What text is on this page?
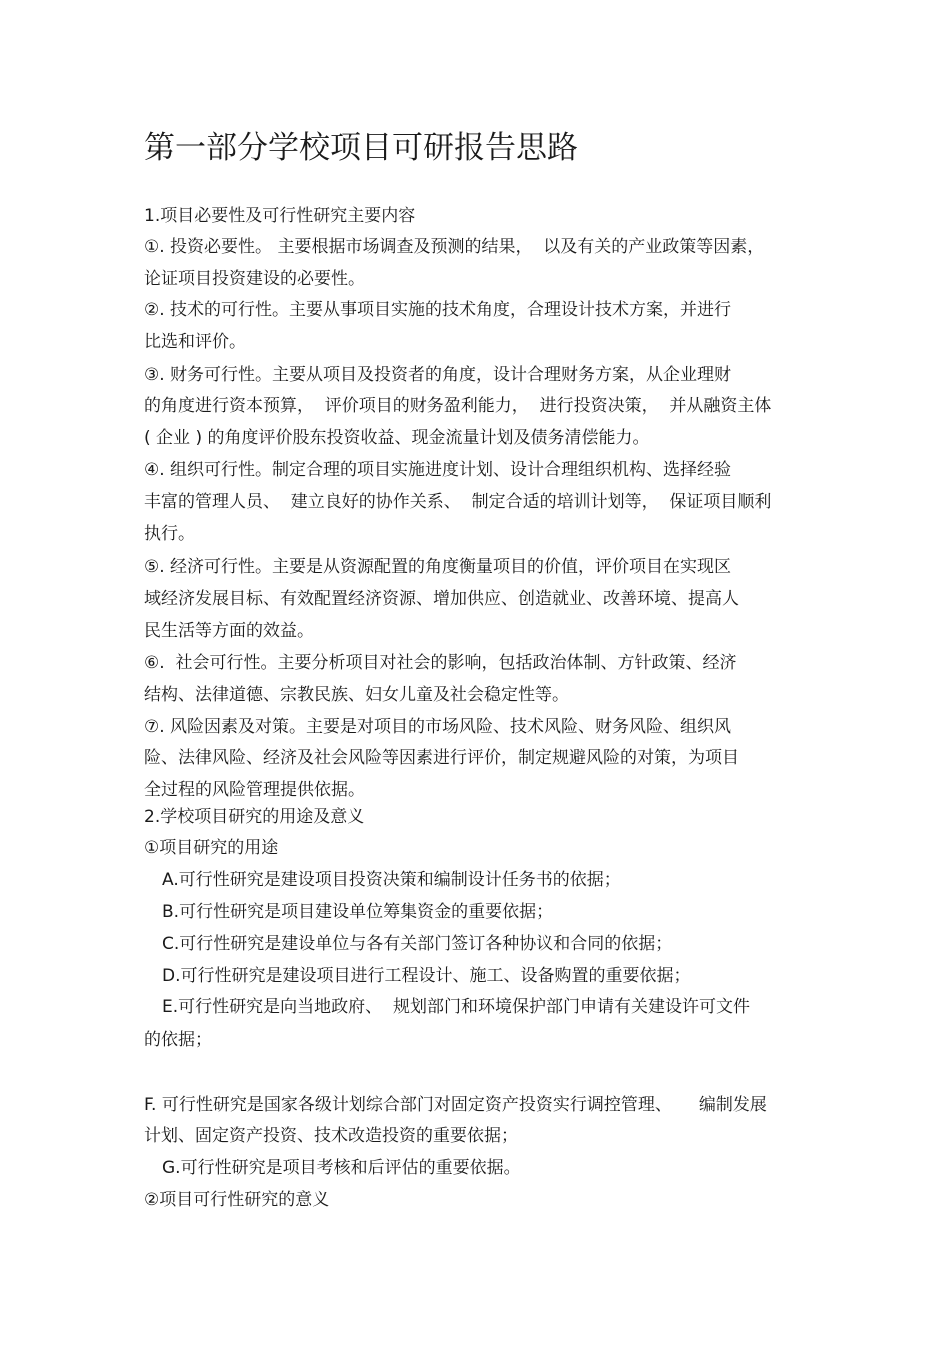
第一部分学校项目可研报告思路
1.项目必要性及可行性研究主要内容
①. 投资必要性。 主要根据市场调查及预测的结果，  以及有关的产业政策等因素，
论证项目投资建设的必要性。
②. 技术的可行性。主要从事项目实施的技术角度，合理设计技术方案，并进行
比选和评价。
③. 财务可行性。主要从项目及投资者的角度，设计合理财务方案，从企业理财
的角度进行资本预算，  评价项目的财务盈利能力，  进行投资决策，  并从融资主体
( 企业 ) 的角度评价股东投资收益、现金流量计划及债务清偿能力。
④. 组织可行性。制定合理的项目实施进度计划、设计合理组织机构、选择经验
丰富的管理人员、  建立良好的协作关系、  制定合适的培训计划等，  保证项目顺利
执行。
⑤. 经济可行性。主要是从资源配置的角度衡量项目的价值，评价项目在实现区
域经济发展目标、有效配置经济资源、增加供应、创造就业、改善环境、提高人
民生活等方面的效益。
⑥.  社会可行性。主要分析项目对社会的影响，包括政治体制、方针政策、经济
结构、法律道德、宗教民族、妇女儿童及社会稳定性等。
⑦. 风险因素及对策。主要是对项目的市场风险、技术风险、财务风险、组织风
险、法律风险、经济及社会风险等因素进行评价，制定规避风险的对策，为项目
全过程的风险管理提供依据。
2.学校项目研究的用途及意义
①项目研究的用途
A.可行性研究是建设项目投资决策和编制设计任务书的依据；
B.可行性研究是项目建设单位筹集资金的重要依据；
C.可行性研究是建设单位与各有关部门签订各种协议和合同的依据；
D.可行性研究是建设项目进行工程设计、施工、设备购置的重要依据；
E.可行性研究是向当地政府、  规划部门和环境保护部门申请有关建设许可文件
的依据；
F. 可行性研究是国家各级计划综合部门对固定资产投资实行调控管理、     编制发展
计划、固定资产投资、技术改造投资的重要依据；
G.可行性研究是项目考核和后评估的重要依据。
②项目可行性研究的意义
